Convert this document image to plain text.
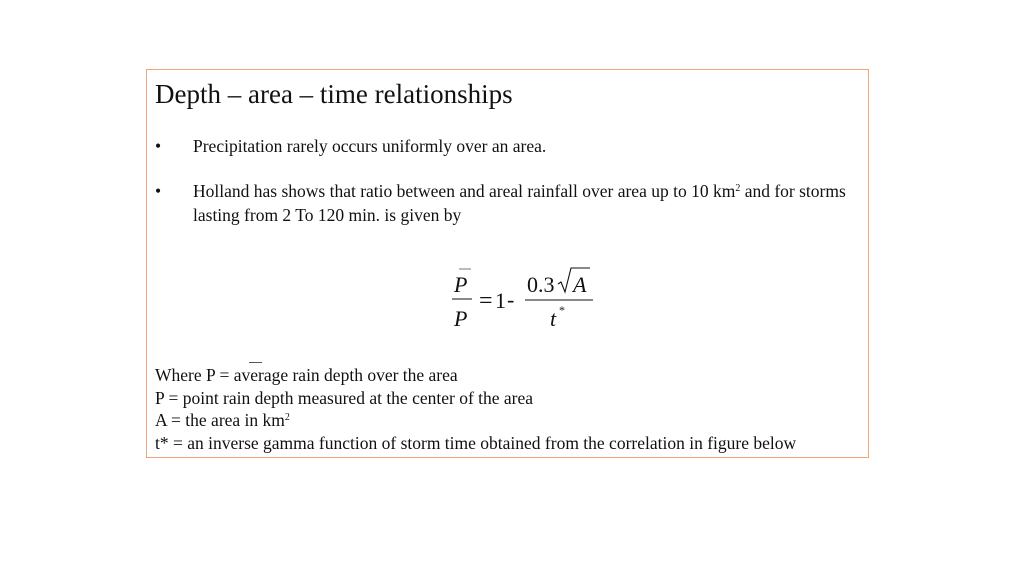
Depth – area – time relationships
• Precipitation rarely occurs uniformly over an area.
• Holland has shows that ratio between and areal rainfall over area up to 10 $km^2$ and for storms lasting from 2 To 120 min. is given by
P
P
= 1 -
0.3 A
t *
Where P = average rain depth over the area
P = point rain depth measured at the center of the area
A = the area in $km^2$
t* = an inverse gamma function of storm time obtained from the correlation in figure below
